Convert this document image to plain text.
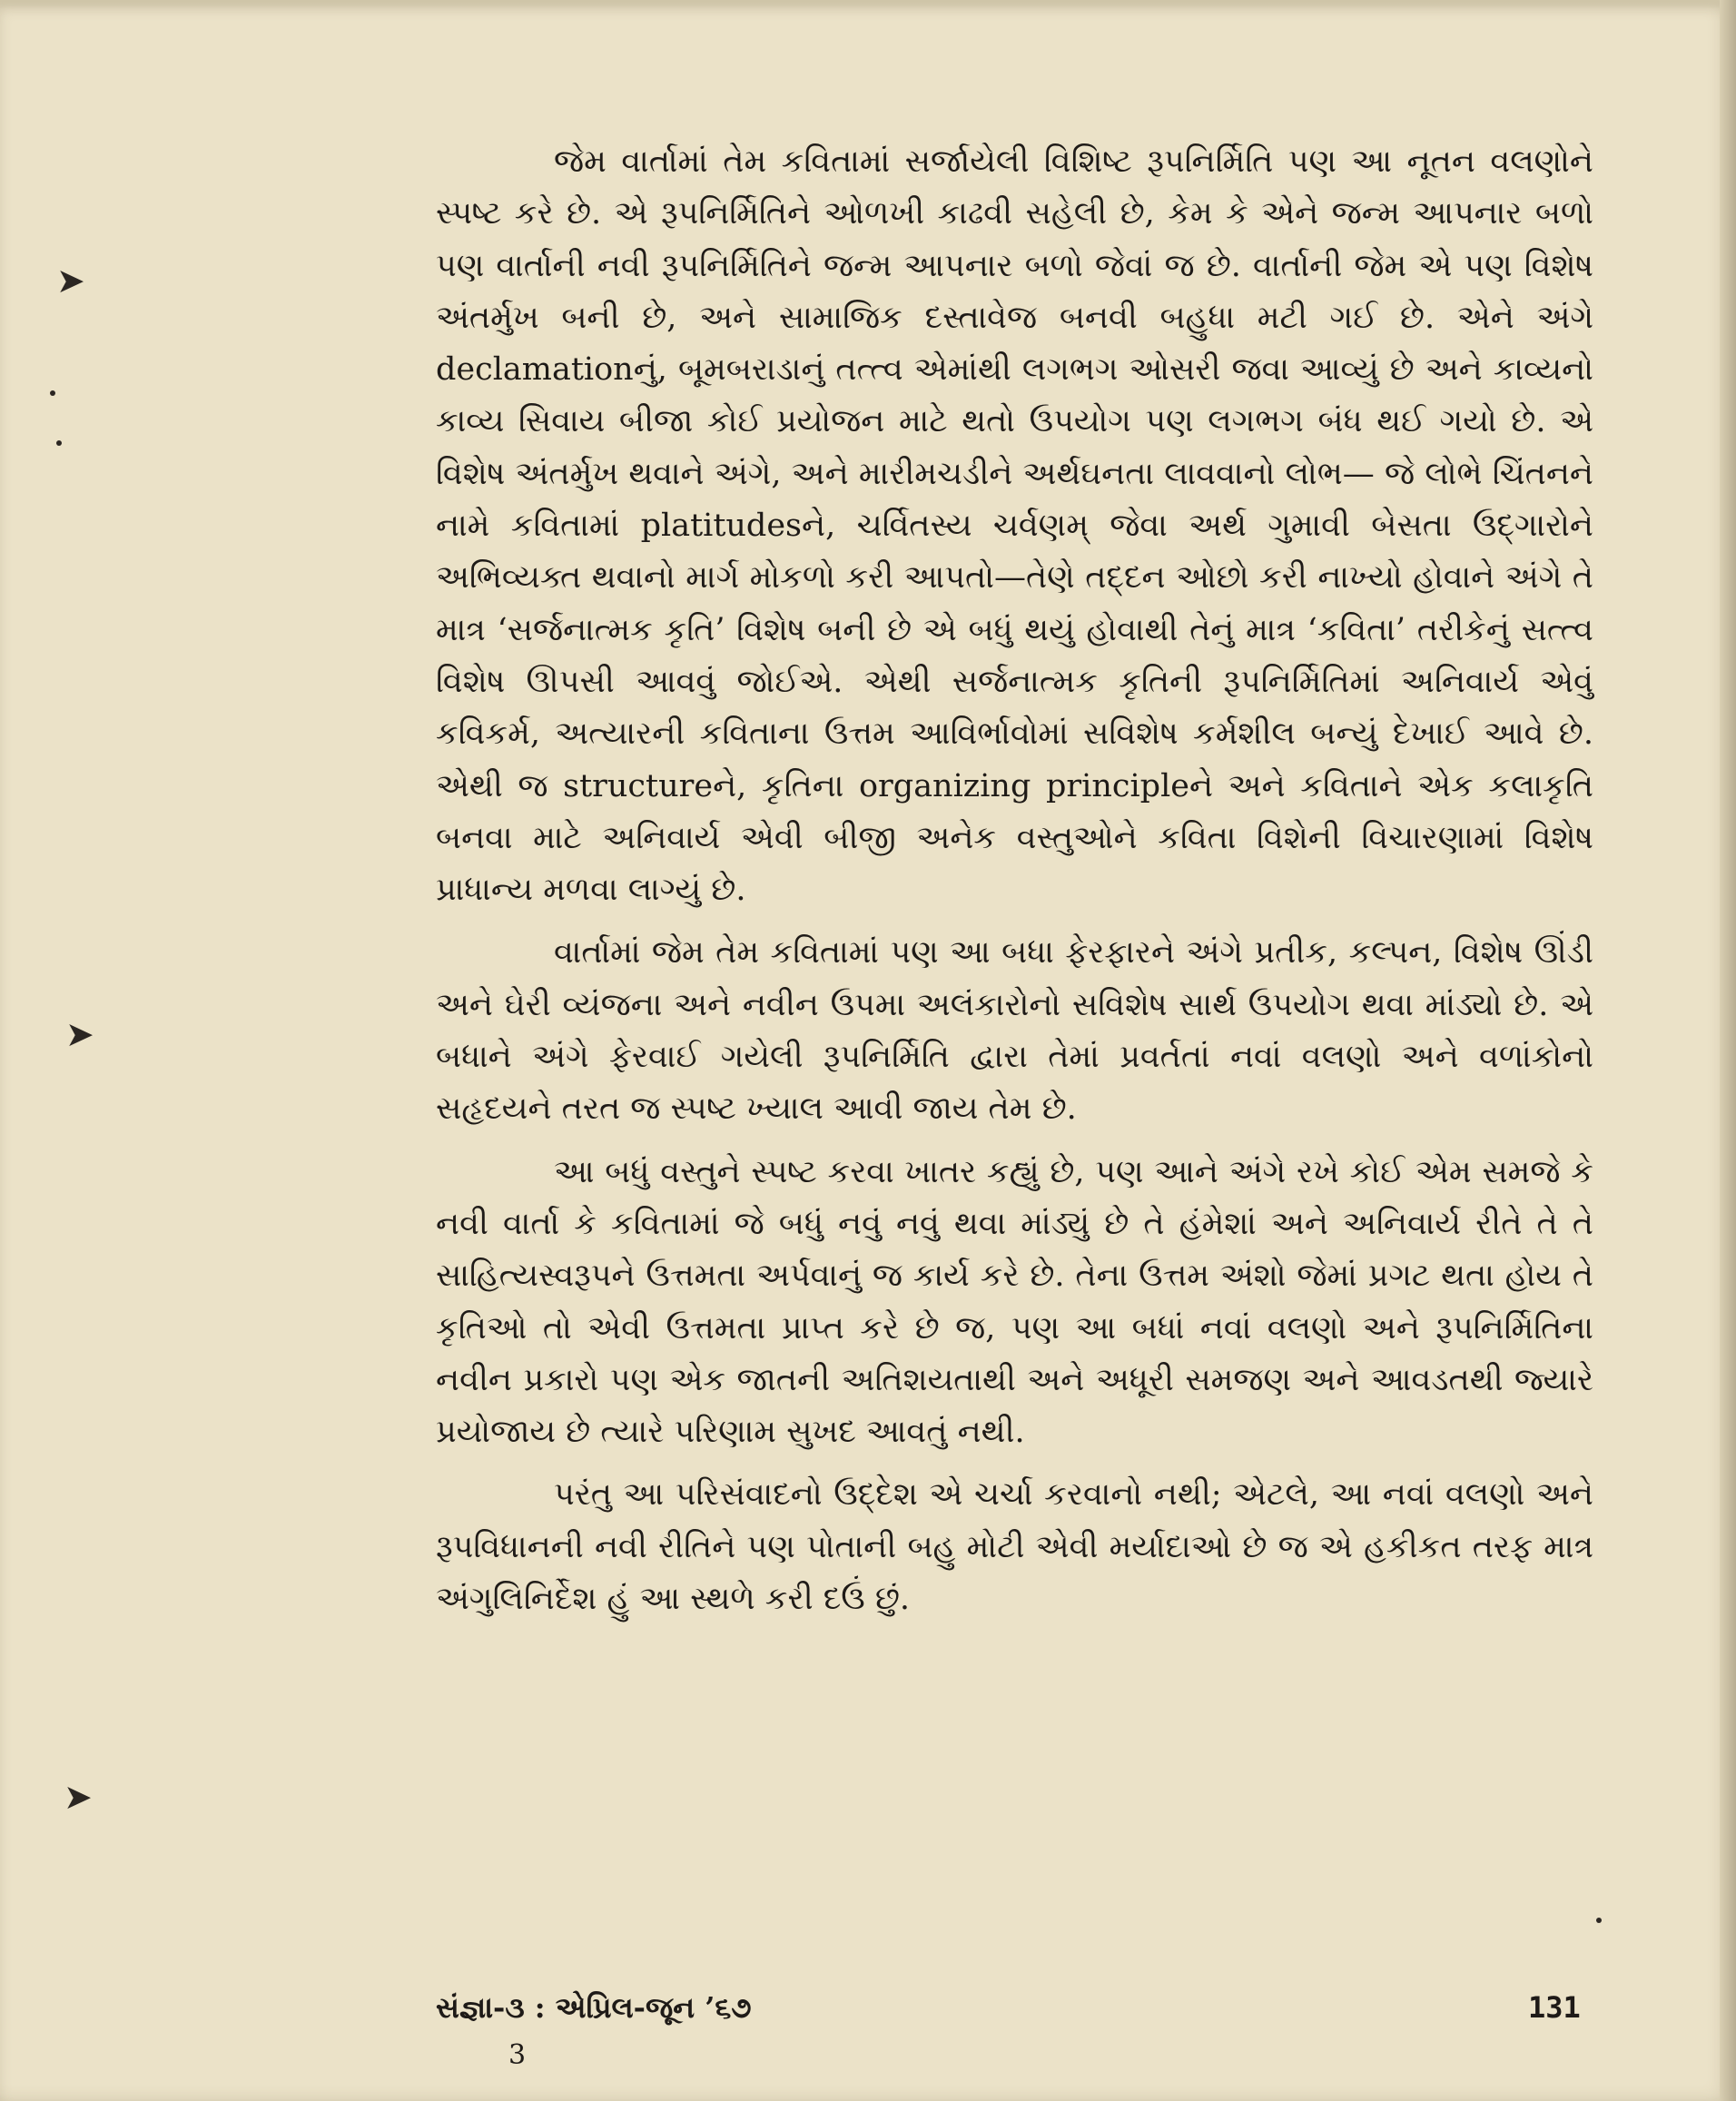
➤
➤
➤

જેમ વાર્તામાં તેમ કવિતામાં સર્જાયેલી વિશિષ્ટ રૂપનિર્મિતિ પણ આ નૂતન વલણોને સ્પષ્ટ કરે છે. એ રૂપનિર્મિતિને ઓળખી કાઢવી સહેલી છે, કેમ કે એને જન્મ આપનાર બળો પણ વાર્તાની નવી રૂપનિર્મિતિને જન્મ આપનાર બળો જેવાં જ છે. વાર્તાની જેમ એ પણ વિશેષ અંતર્મુખ બની છે, અને સામાજિક દસ્તાવેજ બનવી બહુધા મટી ગઈ છે. એને અંગે declamationનું, બૂમબરાડાનું તત્ત્વ એમાંથી લગભગ ઓસરી જવા આવ્યું છે અને કાવ્યનો કાવ્ય સિવાય બીજા કોઈ પ્રયોજન માટે થતો ઉપયોગ પણ લગભગ બંધ થઈ ગયો છે. એ વિશેષ અંતર્મુખ થવાને અંગે, અને મારીમચડીને અર્થઘનતા લાવવાનો લોભ— જે લોભે ચિંતનને નામે કવિતામાં platitudesને, ચર્વિતસ્ય ચર્વણમ્ જેવા અર્થ ગુમાવી બેસતા ઉદ્ગારોને અભિવ્યક્ત થવાનો માર્ગ મોકળો કરી આપતો—તેણે તદ્દન ઓછો કરી નાખ્યો હોવાને અંગે તે માત્ર ‘સર્જનાત્મક કૃતિ’ વિશેષ બની છે એ બધું થયું હોવાથી તેનું માત્ર ‘કવિતા’ તરીકેનું સત્ત્વ વિશેષ ઊપસી આવવું જોઈએ. એથી સર્જનાત્મક કૃતિની રૂપનિર્મિતિમાં અનિવાર્ય એવું કવિકર્મ, અત્યારની કવિતાના ઉત્તમ આવિર્ભાવોમાં સવિશેષ કર્મશીલ બન્યું દેખાઈ આવે છે. એથી જ structureને, કૃતિના organizing principleને અને કવિતાને એક કલાકૃતિ બનવા માટે અનિવાર્ય એવી બીજી અનેક વસ્તુઓને કવિતા વિશેની વિચારણામાં વિશેષ પ્રાધાન્ય મળવા લાગ્યું છે.

વાર્તામાં જેમ તેમ કવિતામાં પણ આ બધા ફેરફારને અંગે પ્રતીક, કલ્પન, વિશેષ ઊંડી અને ઘેરી વ્યંજના અને નવીન ઉપમા અલંકારોનો સવિશેષ સાર્થ ઉપયોગ થવા માંડ્યો છે. એ બધાને અંગે ફેરવાઈ ગયેલી રૂપનિર્મિતિ દ્વારા તેમાં પ્રવર્તતાં નવાં વલણો અને વળાંકોનો સહૃદયને તરત જ સ્પષ્ટ ખ્યાલ આવી જાય તેમ છે.

આ બધું વસ્તુને સ્પષ્ટ કરવા ખાતર કહ્યું છે, પણ આને અંગે રખે કોઈ એમ સમજે કે નવી વાર્તા કે કવિતામાં જે બધું નવું નવું થવા માંડ્યું છે તે હંમેશાં અને અનિવાર્ય રીતે તે તે સાહિત્યસ્વરૂપને ઉત્તમતા અર્પવાનું જ કાર્ય કરે છે. તેના ઉત્તમ અંશો જેમાં પ્રગટ થતા હોય તે કૃતિઓ તો એવી ઉત્તમતા પ્રાપ્ત કરે છે જ, પણ આ બધાં નવાં વલણો અને રૂપનિર્મિતિના નવીન પ્રકારો પણ એક જાતની અતિશયતાથી અને અધૂરી સમજણ અને આવડતથી જ્યારે પ્રયોજાય છે ત્યારે પરિણામ સુખદ આવતું નથી.

પરંતુ આ પરિસંવાદનો ઉદ્દેશ એ ચર્ચા કરવાનો નથી; એટલે, આ નવાં વલણો અને રૂપવિધાનની નવી રીતિને પણ પોતાની બહુ મોટી એવી મર્યાદાઓ છે જ એ હકીકત તરફ માત્ર અંગુલિનિર્દેશ હું આ સ્થળે કરી દઉં છું.

સંજ્ઞા-૩ : એપ્રિલ-જૂન ’૬૭
3
131
